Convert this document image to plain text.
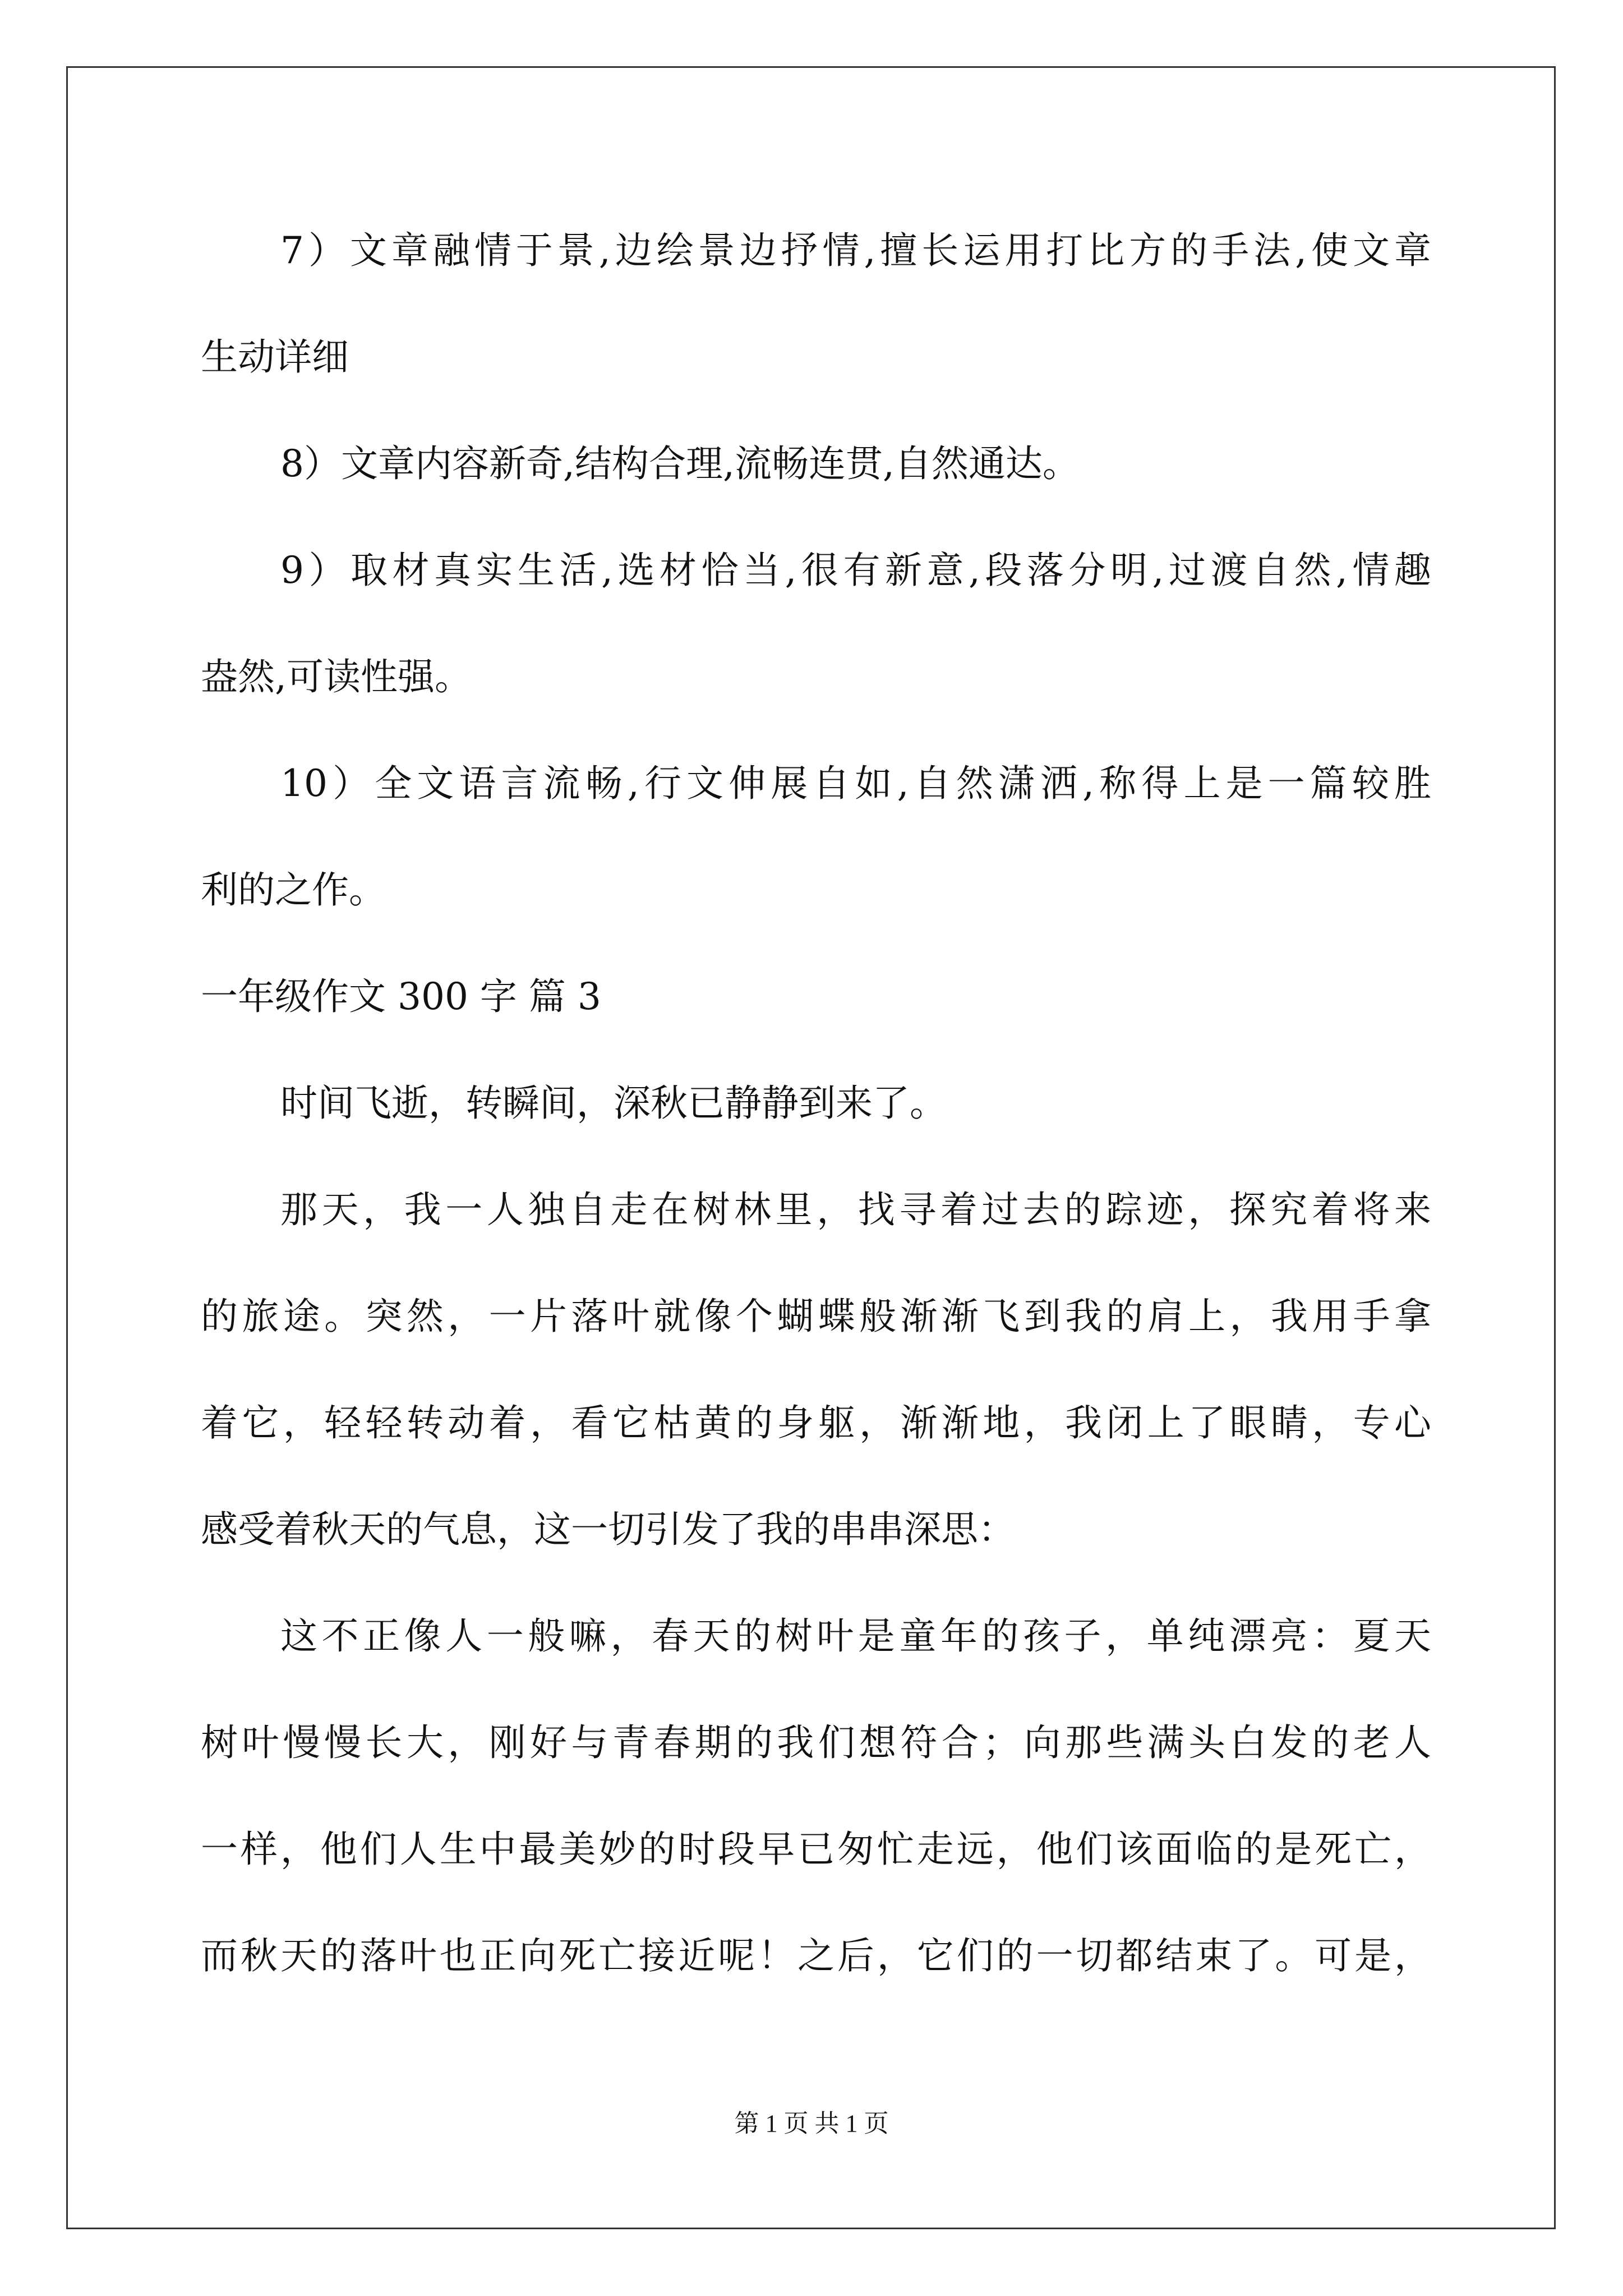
7）文章融情于景,边绘景边抒情,擅长运用打比方的手法,使文章
生动详细
8）文章内容新奇,结构合理,流畅连贯,自然通达。
9）取材真实生活,选材恰当,很有新意,段落分明,过渡自然,情趣
盎然,可读性强。
10）全文语言流畅,行文伸展自如,自然潇洒,称得上是一篇较胜
利的之作。
一年级作文 300 字 篇 3
时间飞逝，转瞬间，深秋已静静到来了。
那天，我一人独自走在树林里，找寻着过去的踪迹，探究着将来
的旅途。突然，一片落叶就像个蝴蝶般渐渐飞到我的肩上，我用手拿
着它，轻轻转动着，看它枯黄的身躯，渐渐地，我闭上了眼睛，专心
感受着秋天的气息，这一切引发了我的串串深思：
这不正像人一般嘛，春天的树叶是童年的孩子，单纯漂亮：夏天
树叶慢慢长大，刚好与青春期的我们想符合；向那些满头白发的老人
一样，他们人生中最美妙的时段早已匆忙走远，他们该面临的是死亡，
而秋天的落叶也正向死亡接近呢！之后，它们的一切都结束了。可是，
第 1 页 共 1 页
